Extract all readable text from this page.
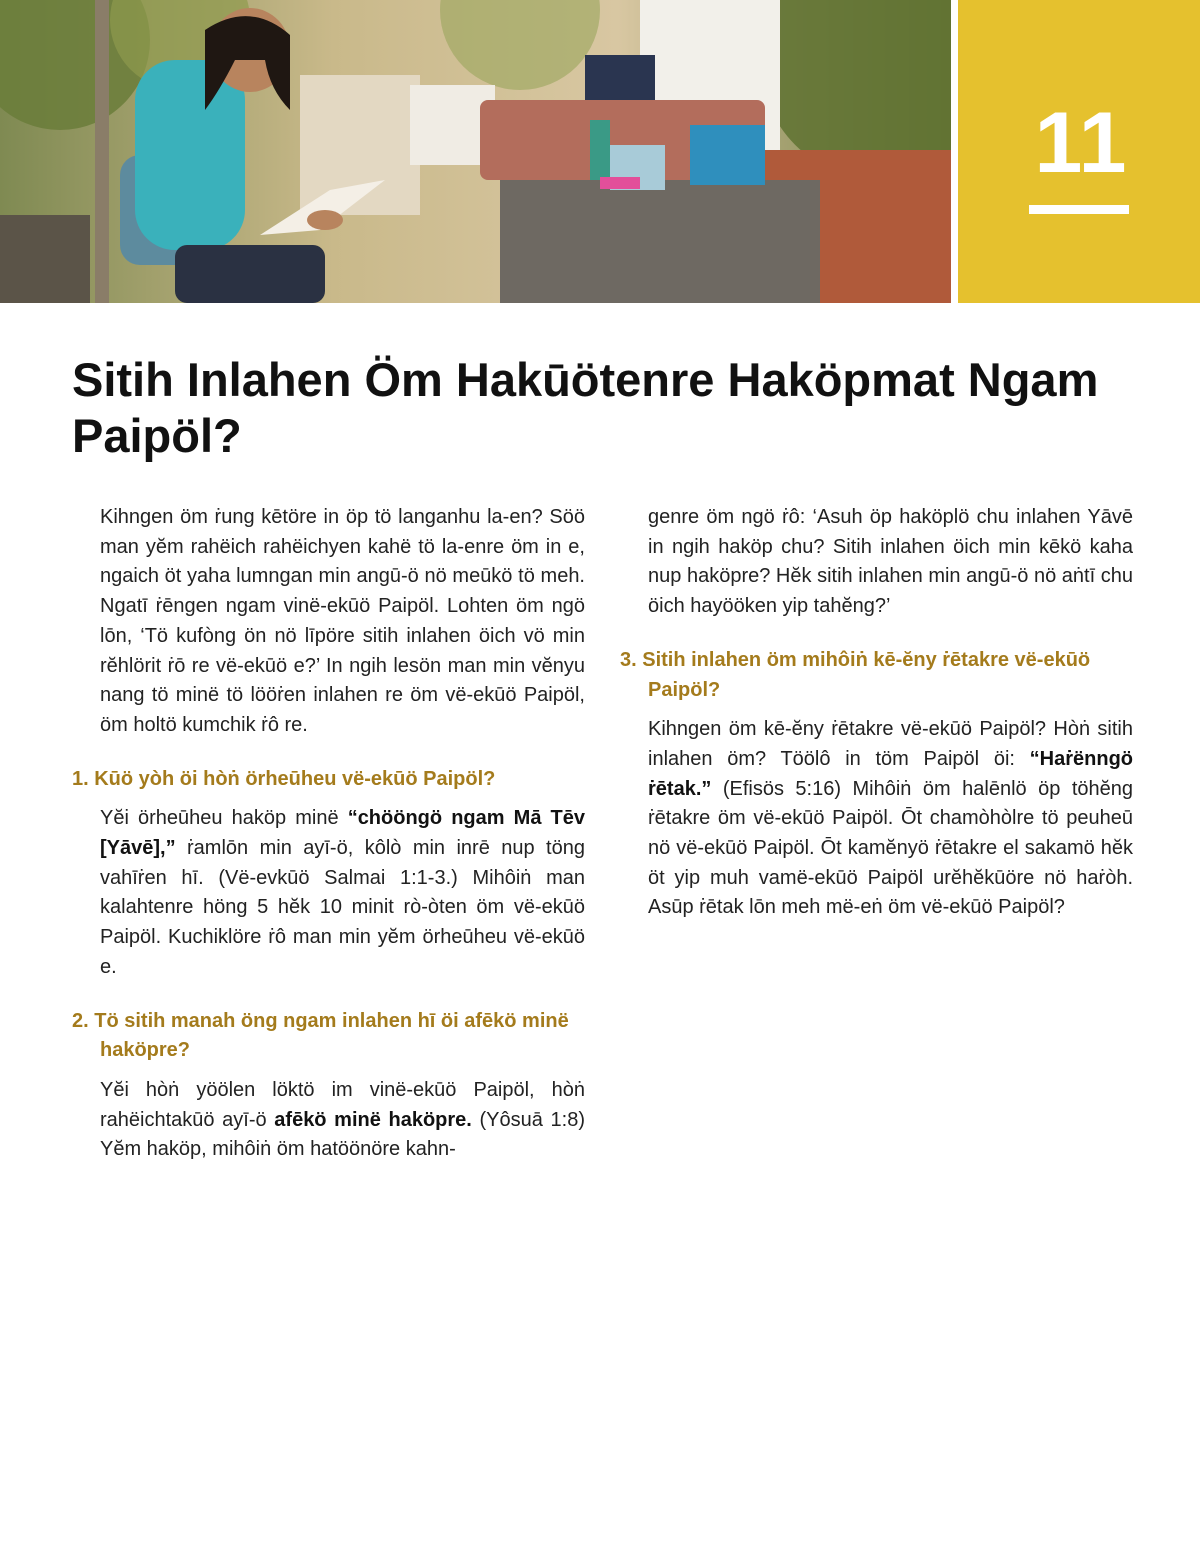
11
Sitih Inlahen Öm Hakūötenre Haköpmat Ngam Paipöl?

Kihngen öm ṙung kētöre in öp tö langanhu la-en? Söö man yĕm rahëich rahëichyen kahë tö la-enre öm in e, ngaich öt yaha lumngan min angū-ö nö meūkö tö meh. Ngatī ṙēngen ngam vinë-ekūö Paipöl. Lohten öm ngö lōn, ‘Tö kufòng ön nö līpöre sitih inlahen öich vö min rĕhlörit ṙō re vë-ekūö e?’ In ngih lesön man min vĕnyu nang tö minë tö lööṙen inlahen re öm vë-ekūö Paipöl, öm holtö kumchik ṙô re.

1. Kūö yòh öi hòṅ örheūheu vë-ekūö Paipöl?

Yĕi örheūheu haköp minë “chööngö ngam Mā Tēv [Yāvē],” ṙamlōn min ayī-ö, kôlò min inrē nup töng vahīṙen hī. (Vë-evkūö Salmai 1:1-3.) Mihôiṅ man kalahtenre höng 5 hĕk 10 minit rò-òten öm vë-ekūö Paipöl. Kuchiklöre ṙô man min yĕm örheūheu vë-ekūö e.

2. Tö sitih manah öng ngam inlahen hī öi afēkö minë haköpre?

Yĕi hòṅ yöölen löktö im vinë-ekūö Paipöl, hòṅ rahëichtakūö ayī-ö afēkö minë haköpre. (Yôsuā 1:8) Yĕm haköp, mihôiṅ öm hatöönöre kahn-

genre öm ngö ṙô: ‘Asuh öp haköplö chu inlahen Yāvē in ngih haköp chu? Sitih inlahen öich min kēkö kaha nup haköpre? Hĕk sitih inlahen min angū-ö nö aṅtī chu öich hayööken yip tahĕng?’

3. Sitih inlahen öm mihôiṅ kē-ĕny ṙētakre vë-ekūö Paipöl?

Kihngen öm kē-ĕny ṙētakre vë-ekūö Paipöl? Hòṅ sitih inlahen öm? Töölô in töm Paipöl öi: “Haṙënngö ṙētak.” (Efisös 5:16) Mihôiṅ öm halēnlö öp töhĕng ṙētakre öm vë-ekūö Paipöl. Ōt chamòhòlre tö peuheū nö vë-ekūö Paipöl. Ōt kamĕnyö ṙētakre el sakamö hĕk öt yip muh vamë-ekūö Paipöl urĕhĕkūöre nö haṙòh. Asūp ṙētak lōn meh më-eṅ öm vë-ekūö Paipöl?
